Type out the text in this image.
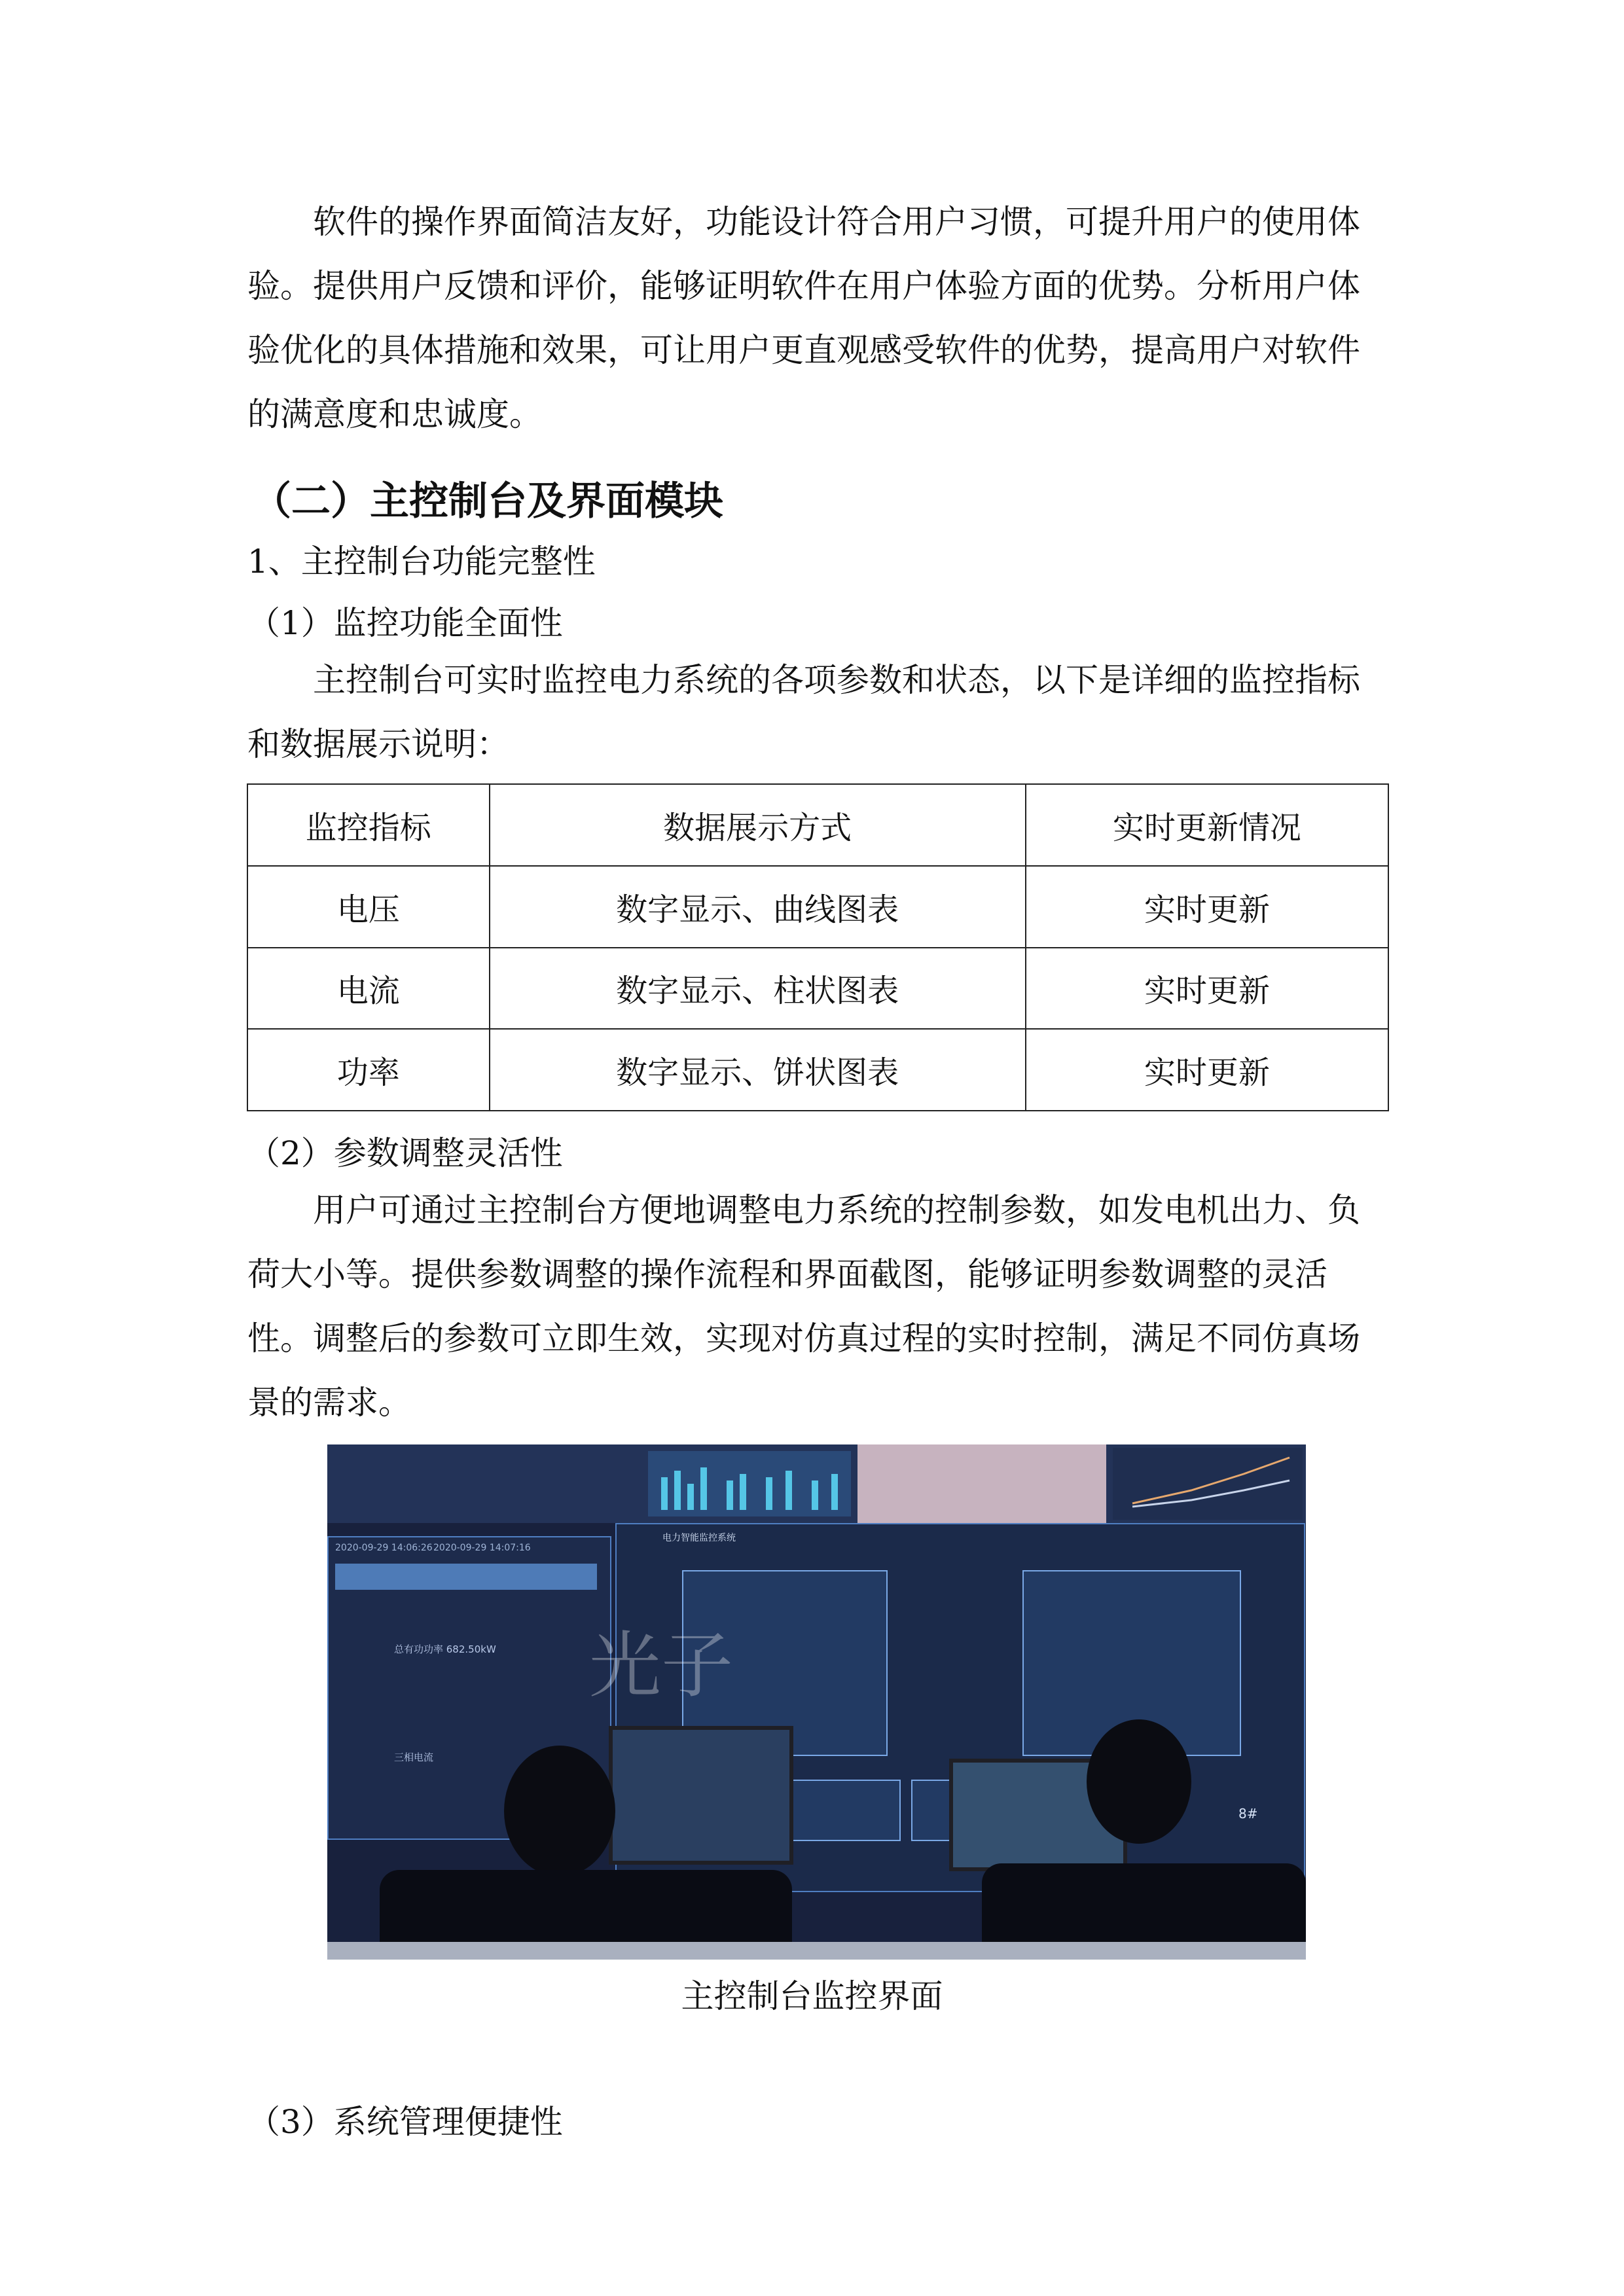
软件的操作界面简洁友好，功能设计符合用户习惯，可提升用户的使用体
验。提供用户反馈和评价，能够证明软件在用户体验方面的优势。分析用户体
验优化的具体措施和效果，可让用户更直观感受软件的优势，提高用户对软件
的满意度和忠诚度。
（二）主控制台及界面模块
1、主控制台功能完整性
（1）监控功能全面性
主控制台可实时监控电力系统的各项参数和状态，以下是详细的监控指标
和数据展示说明：
监控指标	数据展示方式	实时更新情况
电压	数字显示、曲线图表	实时更新
电流	数字显示、柱状图表	实时更新
功率	数字显示、饼状图表	实时更新
（2）参数调整灵活性
用户可通过主控制台方便地调整电力系统的控制参数，如发电机出力、负
荷大小等。提供参数调整的操作流程和界面截图，能够证明参数调整的灵活
性。调整后的参数可立即生效，实现对仿真过程的实时控制，满足不同仿真场
景的需求。
2020-09-29 14:06:26 2020-09-29 14:07:16
总有功功率 682.50kW
三相电流
电力智能监控系统
8#
光子
主控制台监控界面
（3）系统管理便捷性
